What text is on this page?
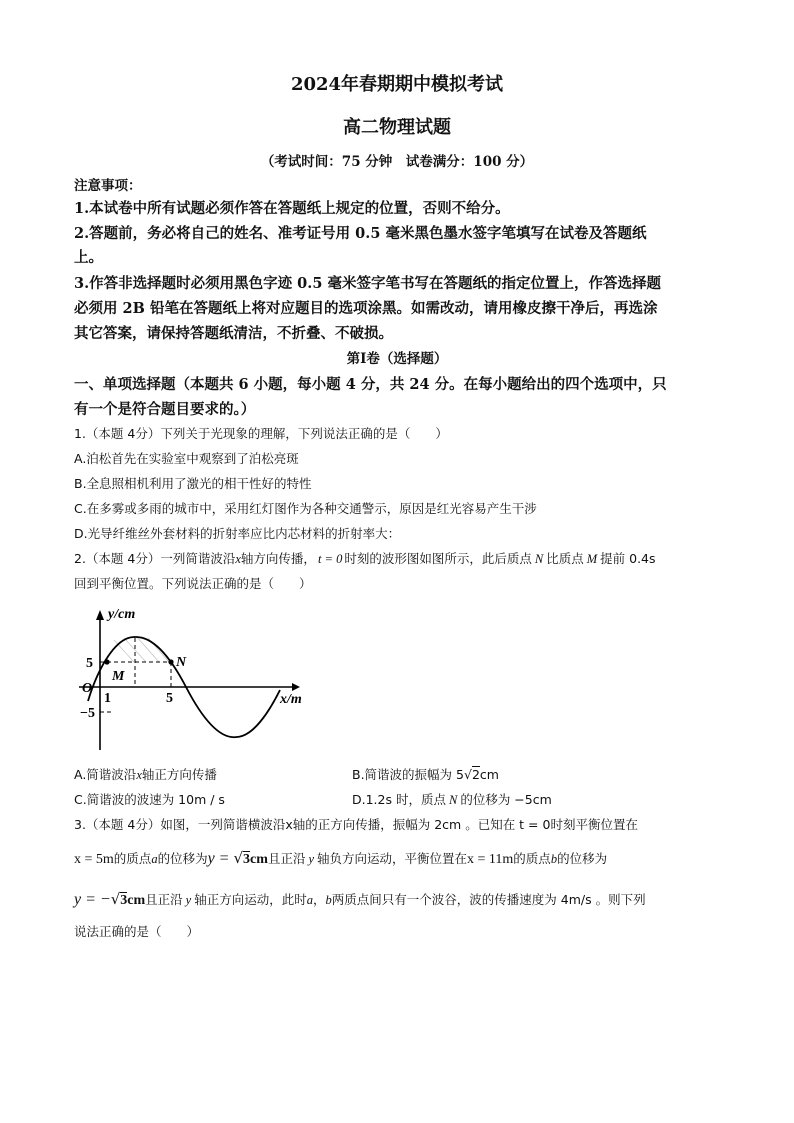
2024年春期期中模拟考试
高二物理试题
（考试时间：75 分钟　试卷满分：100 分）
注意事项：
1.本试卷中所有试题必须作答在答题纸上规定的位置，否则不给分。
2.答题前，务必将自己的姓名、准考证号用 0.5 毫米黑色墨水签字笔填写在试卷及答题纸
上。
3.作答非选择题时必须用黑色字迹 0.5 毫米签字笔书写在答题纸的指定位置上，作答选择题
必须用 2B 铅笔在答题纸上将对应题目的选项涂黑。如需改动，请用橡皮擦干净后，再选涂
其它答案，请保持答题纸清洁，不折叠、不破损。
第Ⅰ卷（选择题）
一、单项选择题（本题共 6 小题，每小题 4 分，共 24 分。在每小题给出的四个选项中，只
有一个是符合题目要求的。）
1.（本题 4分）下列关于光现象的理解，下列说法正确的是（　　）
A.泊松首先在实验室中观察到了泊松亮斑
B.全息照相机利用了激光的相干性好的特性
C.在多雾或多雨的城市中，采用红灯图作为各种交通警示，原因是红光容易产生干涉
D.光导纤维丝外套材料的折射率应比内芯材料的折射率大：
2.（本题 4分）一列简谐波沿x轴方向传播， t = 0 时刻的波形图如图所示，此后质点 N 比质点 M 提前 0.4s
回到平衡位置。下列说法正确的是（　　）
y/cm
x/m
O
5
−5
1	5
M
N
A.简谐波沿x轴正方向传播	B.简谐波的振幅为 5√2cm
C.简谐波的波速为 10m / s	D.1.2s 时，质点 N 的位移为 −5cm
3.（本题 4分）如图，一列简谐横波沿x轴的正方向传播，振幅为 2cm 。已知在 t = 0时刻平衡位置在
x = 5m的质点a的位移为y = √3cm且正沿 y 轴负方向运动，平衡位置在x = 11m的质点b的位移为
y = −√3cm且正沿 y 轴正方向运动，此时a，b两质点间只有一个波谷，波的传播速度为 4m/s 。则下列
说法正确的是（　　）
